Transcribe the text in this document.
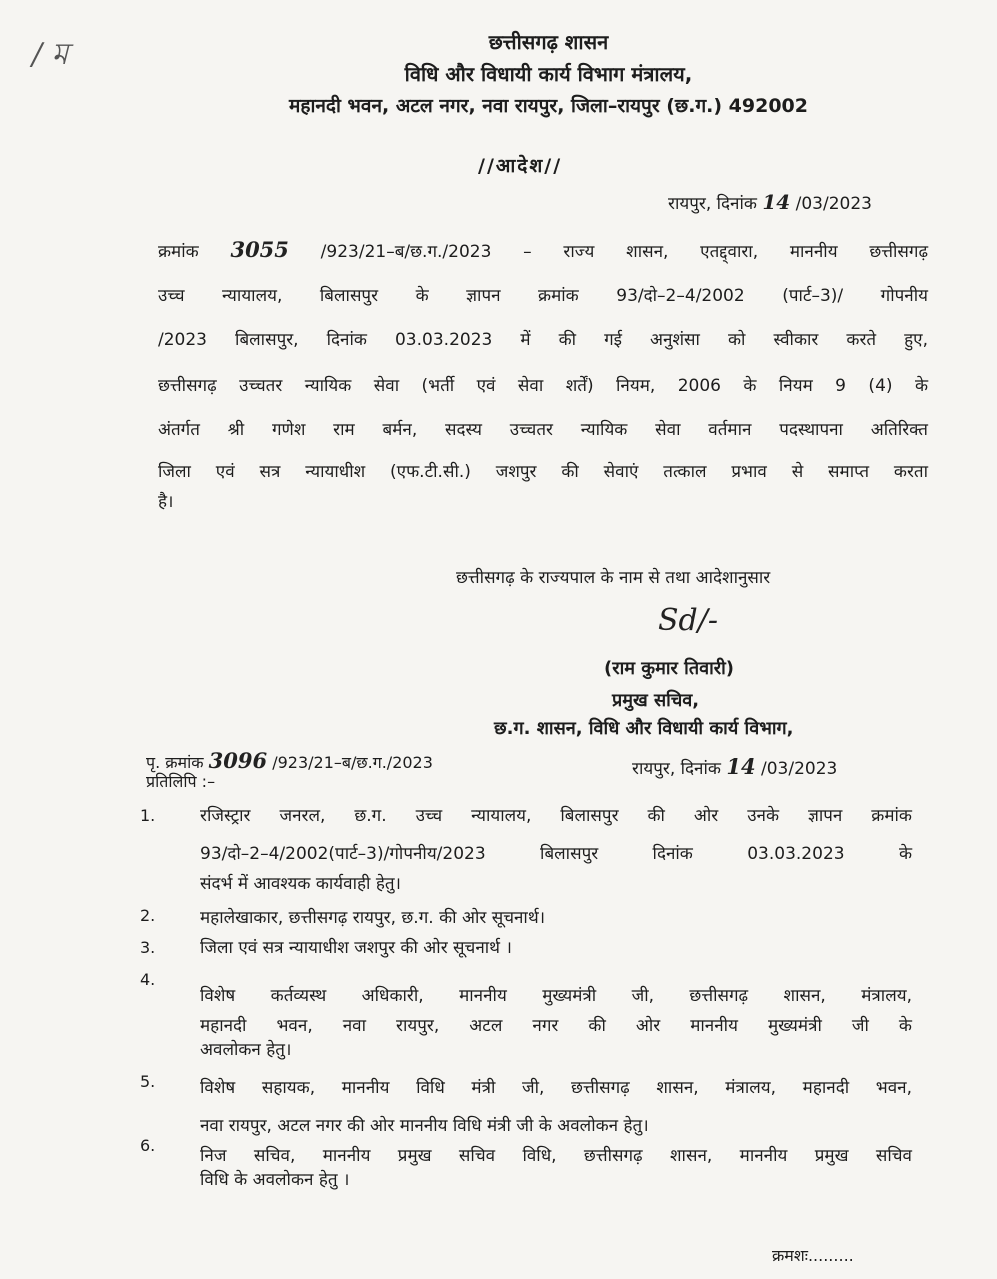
/ ম	छत्तीसगढ़ शासन
विधि और विधायी कार्य विभाग मंत्रालय,
महानदी भवन, अटल नगर, नवा रायपुर, जिला–रायपुर (छ.ग.) 492002
//आदेश//
रायपुर, दिनांक 14 /03/2023
क्रमांक 3055 /923/21–ब/छ.ग./2023 – राज्य शासन, एतद्द्वारा, माननीय छत्तीसगढ़
उच्च न्यायालय, बिलासपुर के ज्ञापन क्रमांक 93/दो–2–4/2002 (पार्ट–3)/ गोपनीय
/2023 बिलासपुर, दिनांक 03.03.2023 में की गई अनुशंसा को स्वीकार करते हुए,
छत्तीसगढ़ उच्चतर न्यायिक सेवा (भर्ती एवं सेवा शर्तें) नियम, 2006 के नियम 9 (4) के
अंतर्गत श्री गणेश राम बर्मन, सदस्य उच्चतर न्यायिक सेवा वर्तमान पदस्थापना अतिरिक्त
जिला एवं सत्र न्यायाधीश (एफ.टी.सी.) जशपुर की सेवाएं तत्काल प्रभाव से समाप्त करता
है।
छत्तीसगढ़ के राज्यपाल के नाम से तथा आदेशानुसार
Sd/-
(राम कुमार तिवारी)
प्रमुख सचिव,
छ.ग. शासन, विधि और विधायी कार्य विभाग,
पृ. क्रमांक 3096 /923/21–ब/छ.ग./2023	रायपुर, दिनांक 14 /03/2023
प्रतिलिपि :–
1.	रजिस्ट्रार जनरल, छ.ग. उच्च न्यायालय, बिलासपुर की ओर उनके ज्ञापन क्रमांक
93/दो–2–4/2002(पार्ट–3)/गोपनीय/2023 बिलासपुर दिनांक 03.03.2023 के
संदर्भ में आवश्यक कार्यवाही हेतु।
2.	महालेखाकार, छत्तीसगढ़ रायपुर, छ.ग. की ओर सूचनार्थ।
3.	जिला एवं सत्र न्यायाधीश जशपुर की ओर सूचनार्थ ।
4.
विशेष कर्तव्यस्थ अधिकारी, माननीय मुख्यमंत्री जी, छत्तीसगढ़ शासन, मंत्रालय,
महानदी भवन, नवा रायपुर, अटल नगर की ओर माननीय मुख्यमंत्री जी के
अवलोकन हेतु।
5.	विशेष सहायक, माननीय विधि मंत्री जी, छत्तीसगढ़ शासन, मंत्रालय, महानदी भवन,
नवा रायपुर, अटल नगर की ओर माननीय विधि मंत्री जी के अवलोकन हेतु।
6.
निज सचिव, माननीय प्रमुख सचिव विधि, छत्तीसगढ़ शासन, माननीय प्रमुख सचिव
विधि के अवलोकन हेतु ।
क्रमशः.........
